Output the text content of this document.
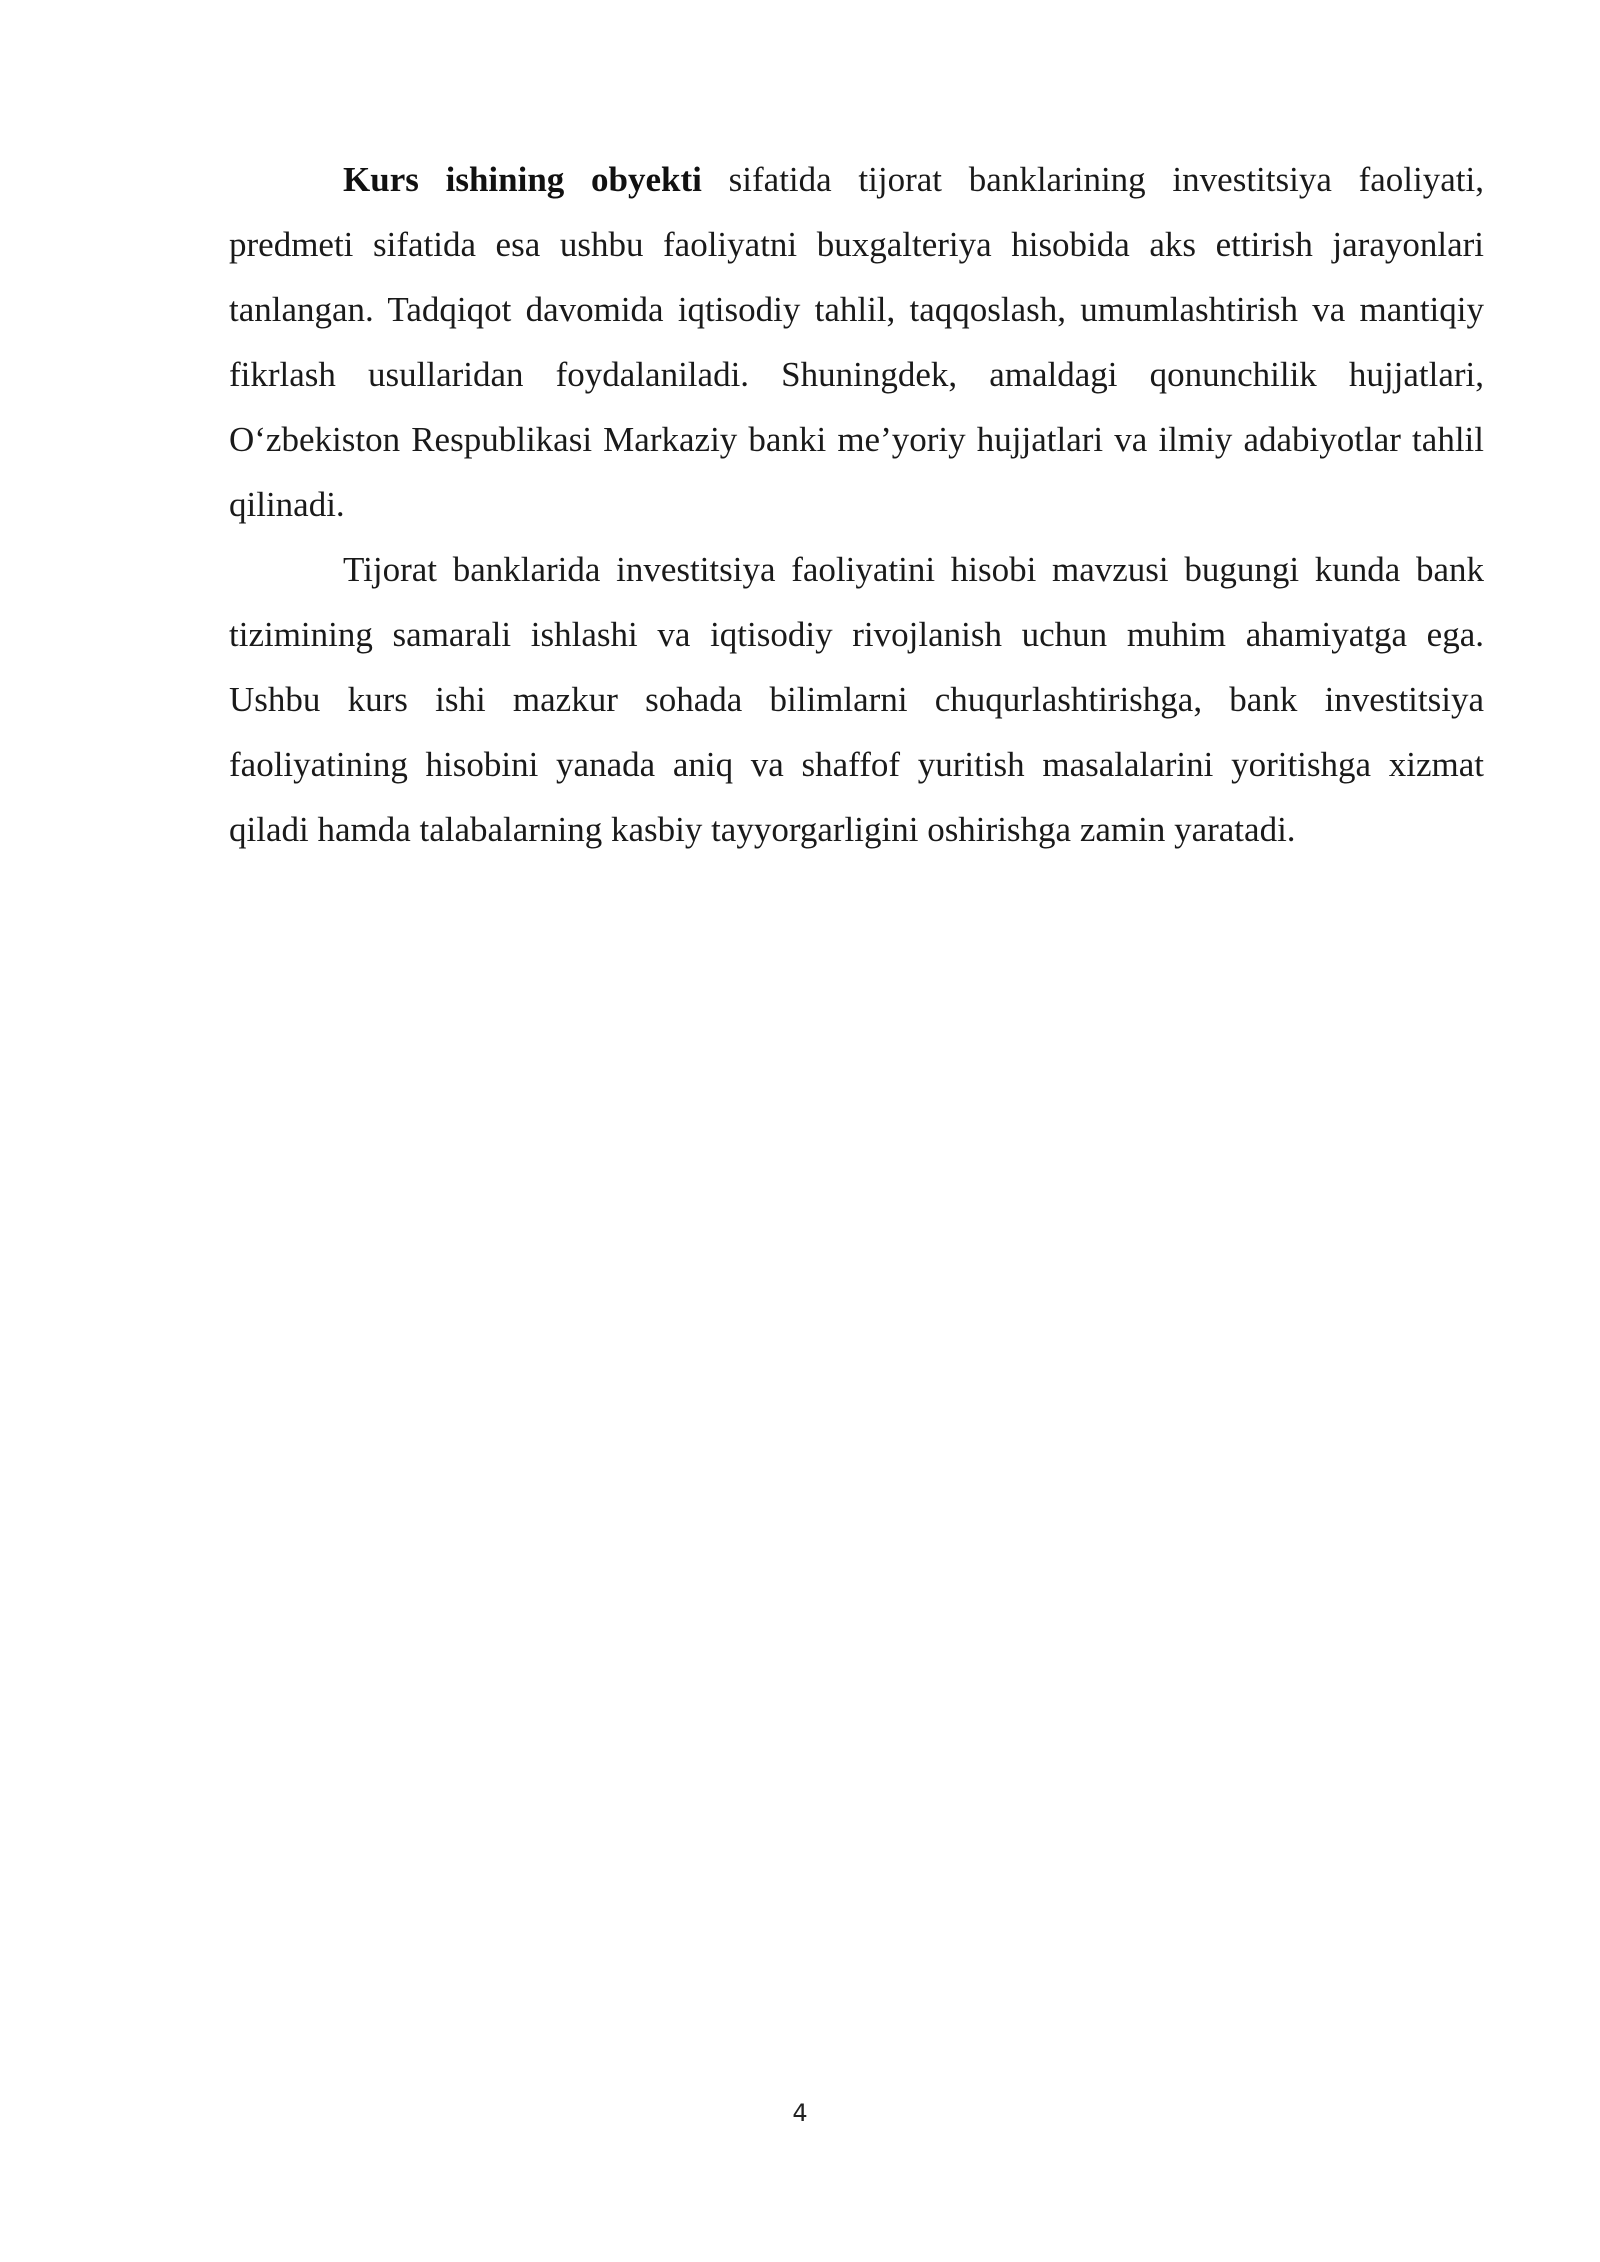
Kurs ishining obyekti sifatida tijorat banklarining investitsiya faoliyati, predmeti sifatida esa ushbu faoliyatni buxgalteriya hisobida aks ettirish jarayonlari tanlangan. Tadqiqot davomida iqtisodiy tahlil, taqqoslash, umumlashtirish va mantiqiy fikrlash usullaridan foydalaniladi. Shuningdek, amaldagi qonunchilik hujjatlari, O‘zbekiston Respublikasi Markaziy banki me’yoriy hujjatlari va ilmiy adabiyotlar tahlil qilinadi.

Tijorat banklarida investitsiya faoliyatini hisobi mavzusi bugungi kunda bank tizimining samarali ishlashi va iqtisodiy rivojlanish uchun muhim ahamiyatga ega. Ushbu kurs ishi mazkur sohada bilimlarni chuqurlashtirishga, bank investitsiya faoliyatining hisobini yanada aniq va shaffof yuritish masalalarini yoritishga xizmat qiladi hamda talabalarning kasbiy tayyorgarligini oshirishga zamin yaratadi.

4
